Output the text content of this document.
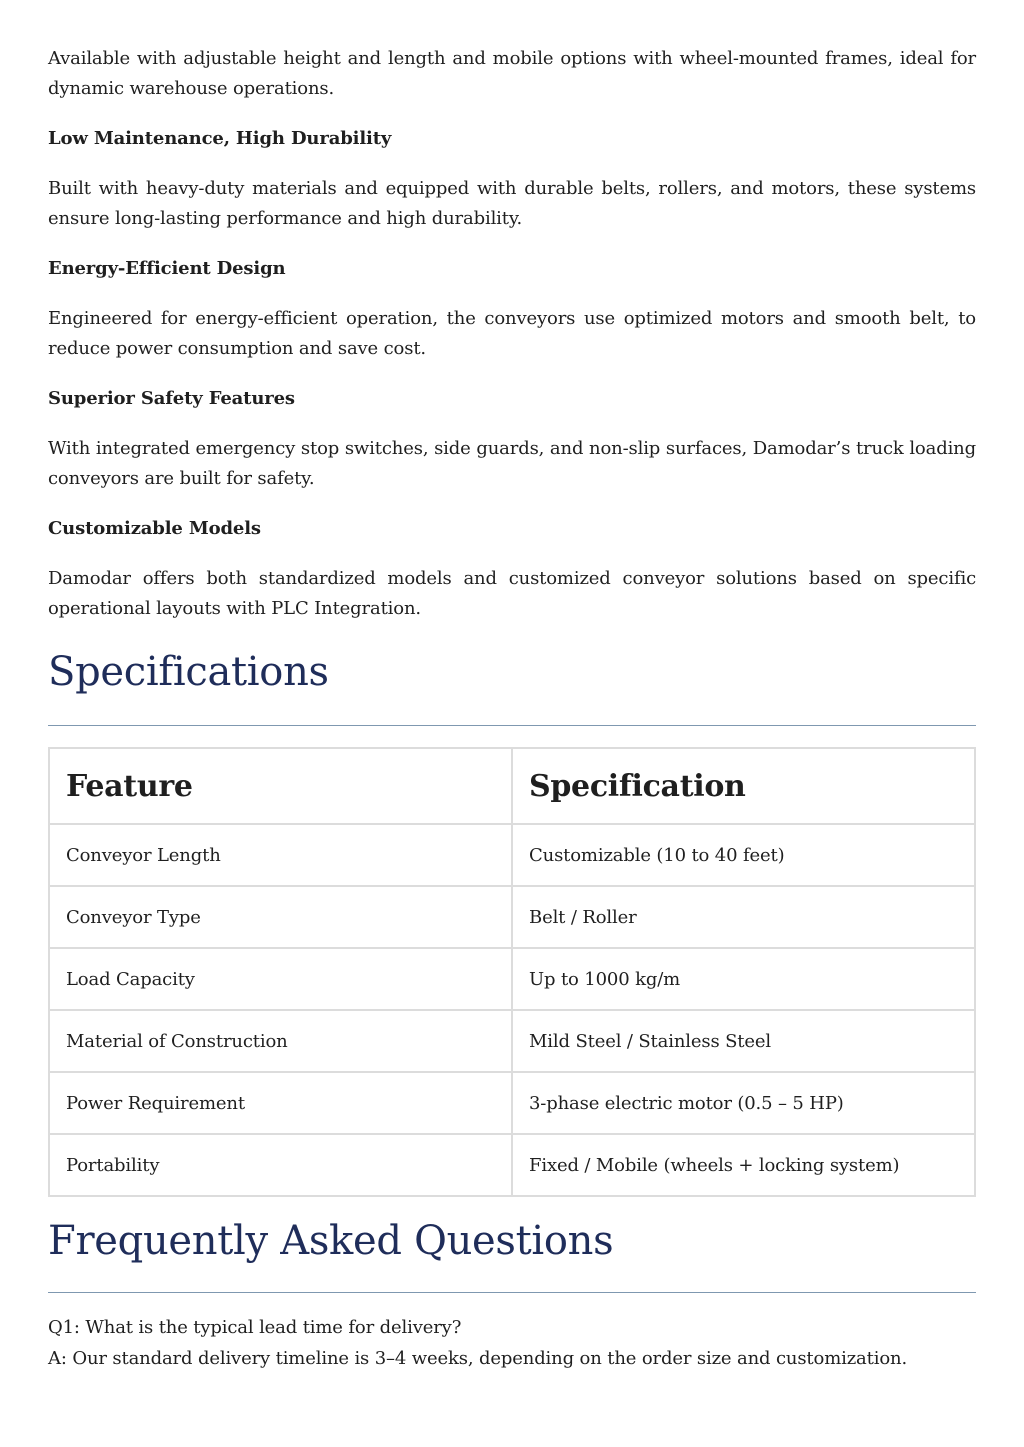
Available with adjustable height and length and mobile options with wheel-mounted frames, ideal for dynamic warehouse operations.

Low Maintenance, High Durability

Built with heavy-duty materials and equipped with durable belts, rollers, and motors, these systems ensure long-lasting performance and high durability.

Energy-Efficient Design

Engineered for energy-efficient operation, the conveyors use optimized motors and smooth belt, to reduce power consumption and save cost.

Superior Safety Features

With integrated emergency stop switches, side guards, and non-slip surfaces, Damodar’s truck loading conveyors are built for safety.

Customizable Models

Damodar offers both standardized models and customized conveyor solutions based on specific operational layouts with PLC Integration.

Specifications
Feature	Specification
Conveyor Length	Customizable (10 to 40 feet)
Conveyor Type	Belt / Roller
Load Capacity	Up to 1000 kg/m
Material of Construction	Mild Steel / Stainless Steel
Power Requirement	3-phase electric motor (0.5 – 5 HP)
Portability	Fixed / Mobile (wheels + locking system)
Frequently Asked Questions
Q1: What is the typical lead time for delivery?
A: Our standard delivery timeline is 3–4 weeks, depending on the order size and customization.
